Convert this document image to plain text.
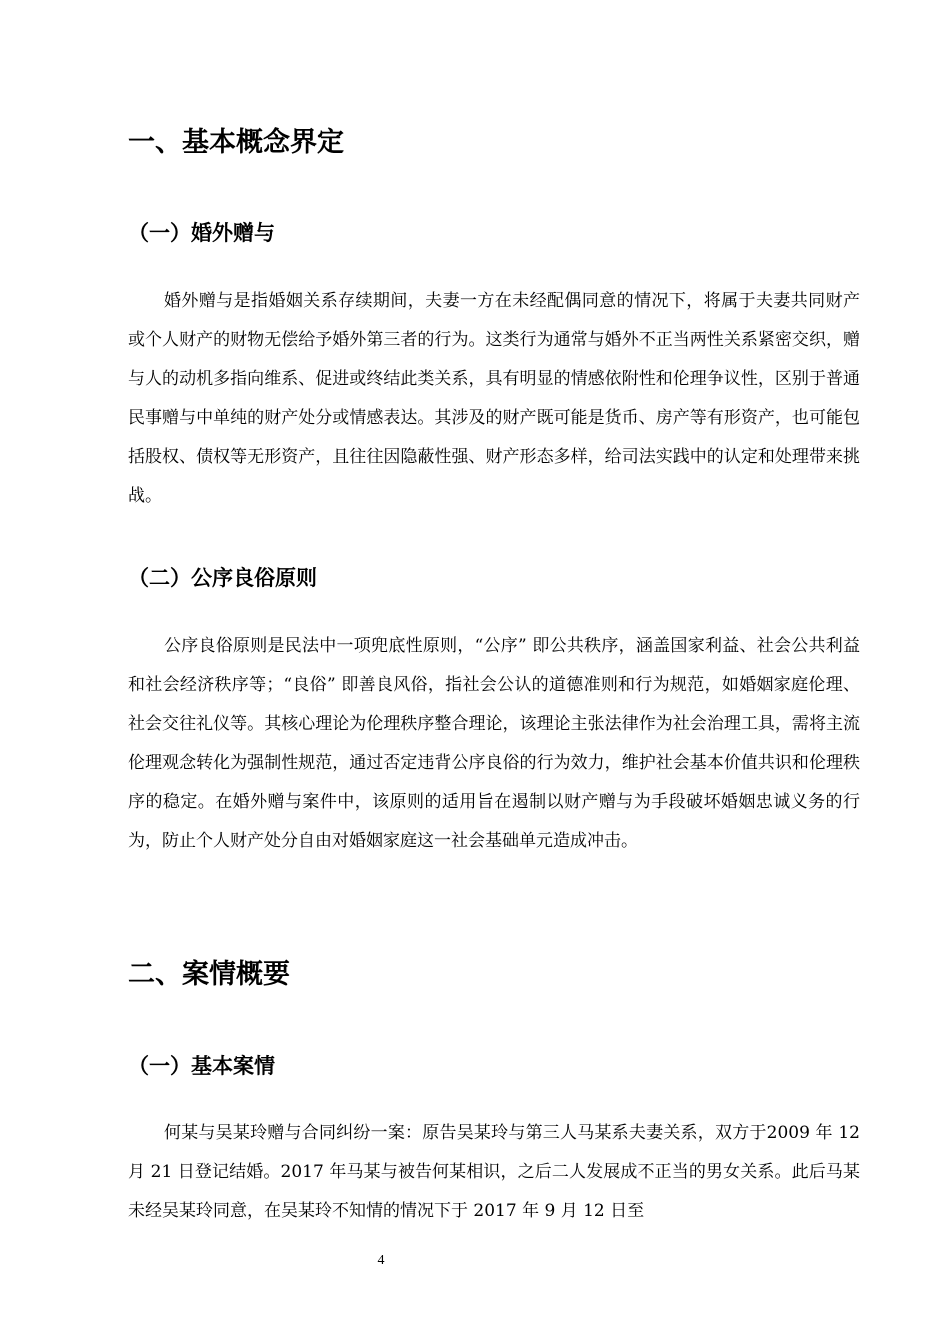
一、基本概念界定
（一）婚外赠与

婚外赠与是指婚姻关系存续期间，夫妻一方在未经配偶同意的情况下，将属于夫妻共同财产或个人财产的财物无偿给予婚外第三者的行为。这类行为通常与婚外不正当两性关系紧密交织，赠与人的动机多指向维系、促进或终结此类关系，具有明显的情感依附性和伦理争议性，区别于普通民事赠与中单纯的财产处分或情感表达。其涉及的财产既可能是货币、房产等有形资产，也可能包括股权、债权等无形资产，且往往因隐蔽性强、财产形态多样，给司法实践中的认定和处理带来挑战。

（二）公序良俗原则

公序良俗原则是民法中一项兜底性原则，“公序” 即公共秩序，涵盖国家利益、社会公共利益和社会经济秩序等；“良俗” 即善良风俗，指社会公认的道德准则和行为规范，如婚姻家庭伦理、社会交往礼仪等。其核心理论为伦理秩序整合理论，该理论主张法律作为社会治理工具，需将主流伦理观念转化为强制性规范，通过否定违背公序良俗的行为效力，维护社会基本价值共识和伦理秩序的稳定。在婚外赠与案件中，该原则的适用旨在遏制以财产赠与为手段破坏婚姻忠诚义务的行为，防止个人财产处分自由对婚姻家庭这一社会基础单元造成冲击。

二、案情概要
（一）基本案情

何某与吴某玲赠与合同纠纷一案：原告吴某玲与第三人马某系夫妻关系，双方于2009 年 12 月 21 日登记结婚。2017 年马某与被告何某相识，之后二人发展成不正当的男女关系。此后马某未经吴某玲同意，在吴某玲不知情的情况下于 2017 年 9 月 12 日至

4
